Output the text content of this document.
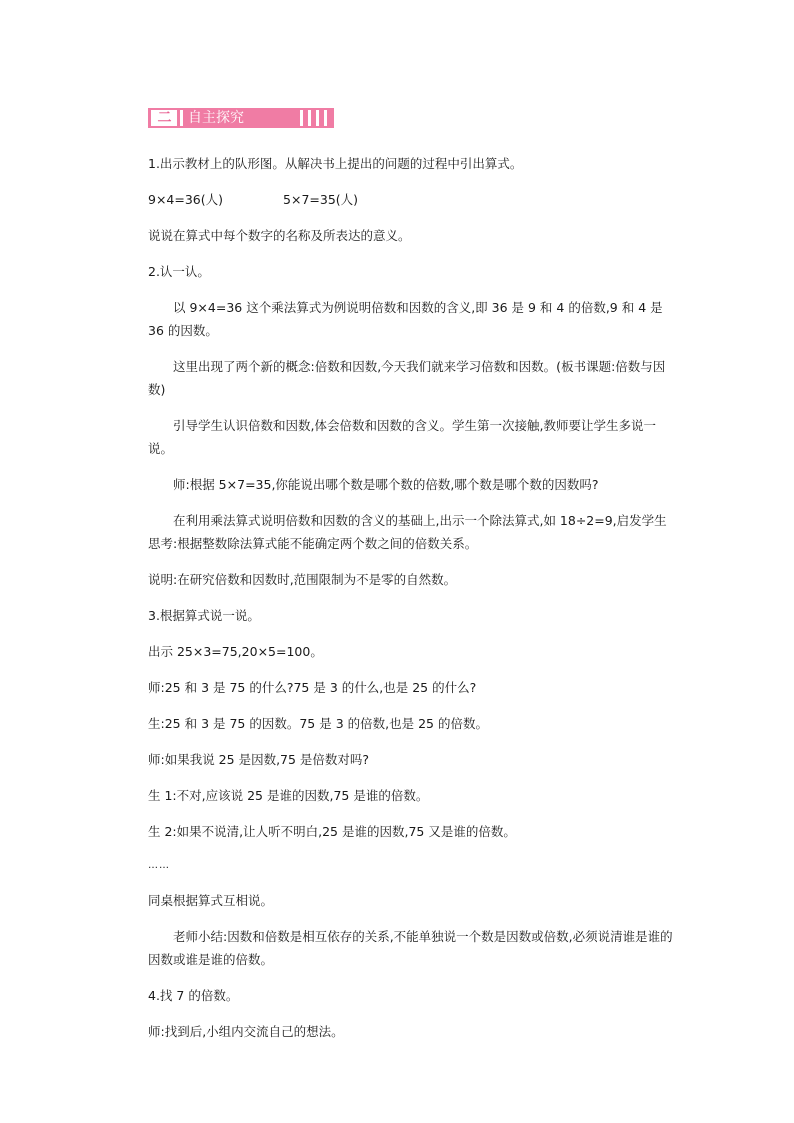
二 自主探究

1.出示教材上的队形图。从解决书上提出的问题的过程中引出算式。

9×4=36(人)	5×7=35(人)

说说在算式中每个数字的名称及所表达的意义。

2.认一认。

以 9×4=36 这个乘法算式为例说明倍数和因数的含义,即 36 是 9 和 4 的倍数,9 和 4 是 36 的因数。

这里出现了两个新的概念:倍数和因数,今天我们就来学习倍数和因数。(板书课题:倍数与因数)

引导学生认识倍数和因数,体会倍数和因数的含义。学生第一次接触,教师要让学生多说一说。

师:根据 5×7=35,你能说出哪个数是哪个数的倍数,哪个数是哪个数的因数吗?

在利用乘法算式说明倍数和因数的含义的基础上,出示一个除法算式,如 18÷2=9,启发学生思考:根据整数除法算式能不能确定两个数之间的倍数关系。

说明:在研究倍数和因数时,范围限制为不是零的自然数。

3.根据算式说一说。

出示 25×3=75,20×5=100。

师:25 和 3 是 75 的什么?75 是 3 的什么,也是 25 的什么?

生:25 和 3 是 75 的因数。75 是 3 的倍数,也是 25 的倍数。

师:如果我说 25 是因数,75 是倍数对吗?

生 1:不对,应该说 25 是谁的因数,75 是谁的倍数。

生 2:如果不说清,让人听不明白,25 是谁的因数,75 又是谁的倍数。

……

同桌根据算式互相说。

老师小结:因数和倍数是相互依存的关系,不能单独说一个数是因数或倍数,必须说清谁是谁的因数或谁是谁的倍数。

4.找 7 的倍数。

师:找到后,小组内交流自己的想法。
